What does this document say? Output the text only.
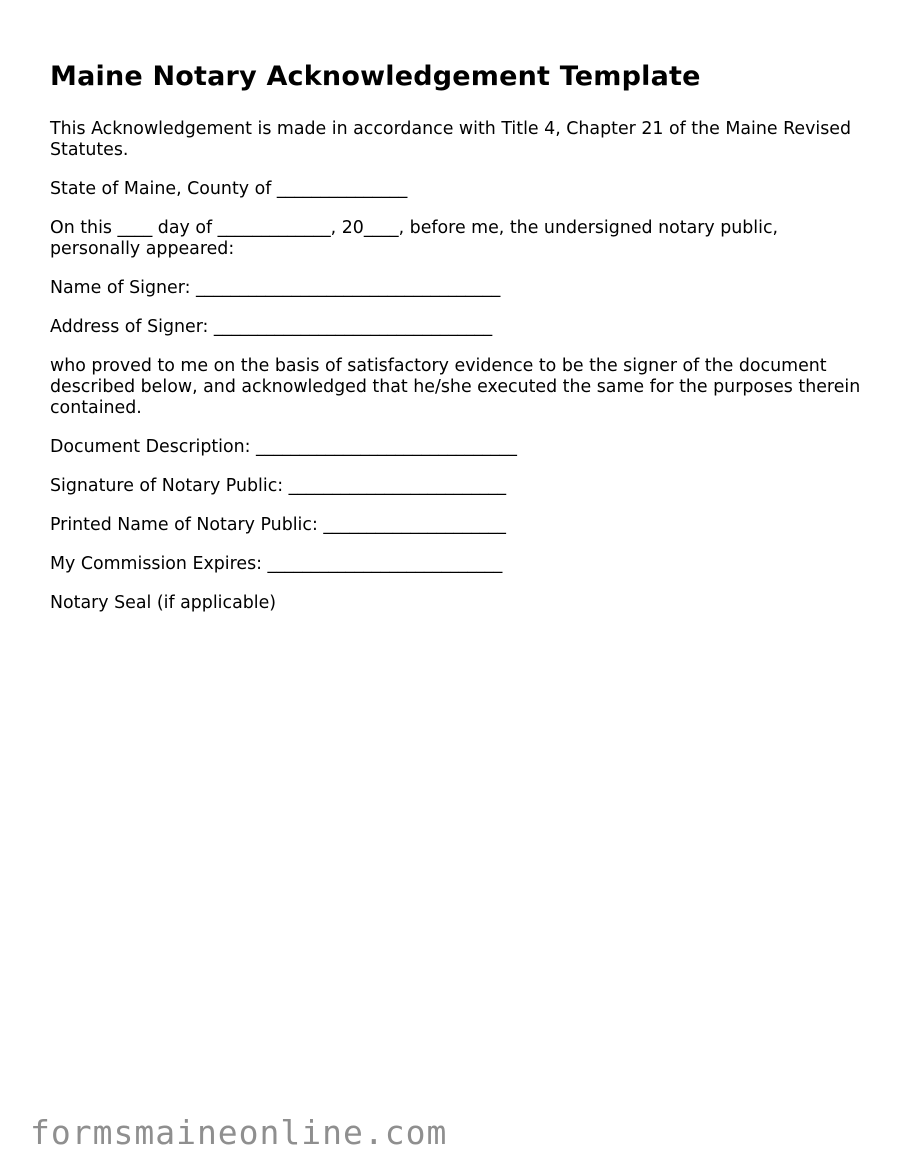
Maine Notary Acknowledgement Template

This Acknowledgement is made in accordance with Title 4, Chapter 21 of the Maine Revised Statutes.

State of Maine, County of _______________

On this ____ day of _____________, 20____, before me, the undersigned notary public, personally appeared:

Name of Signer: ___________________________________

Address of Signer: ________________________________

who proved to me on the basis of satisfactory evidence to be the signer of the document described below, and acknowledged that he/she executed the same for the purposes therein contained.

Document Description: ______________________________

Signature of Notary Public: _________________________

Printed Name of Notary Public: _____________________

My Commission Expires: ___________________________

Notary Seal (if applicable)

formsmaineonline.com
